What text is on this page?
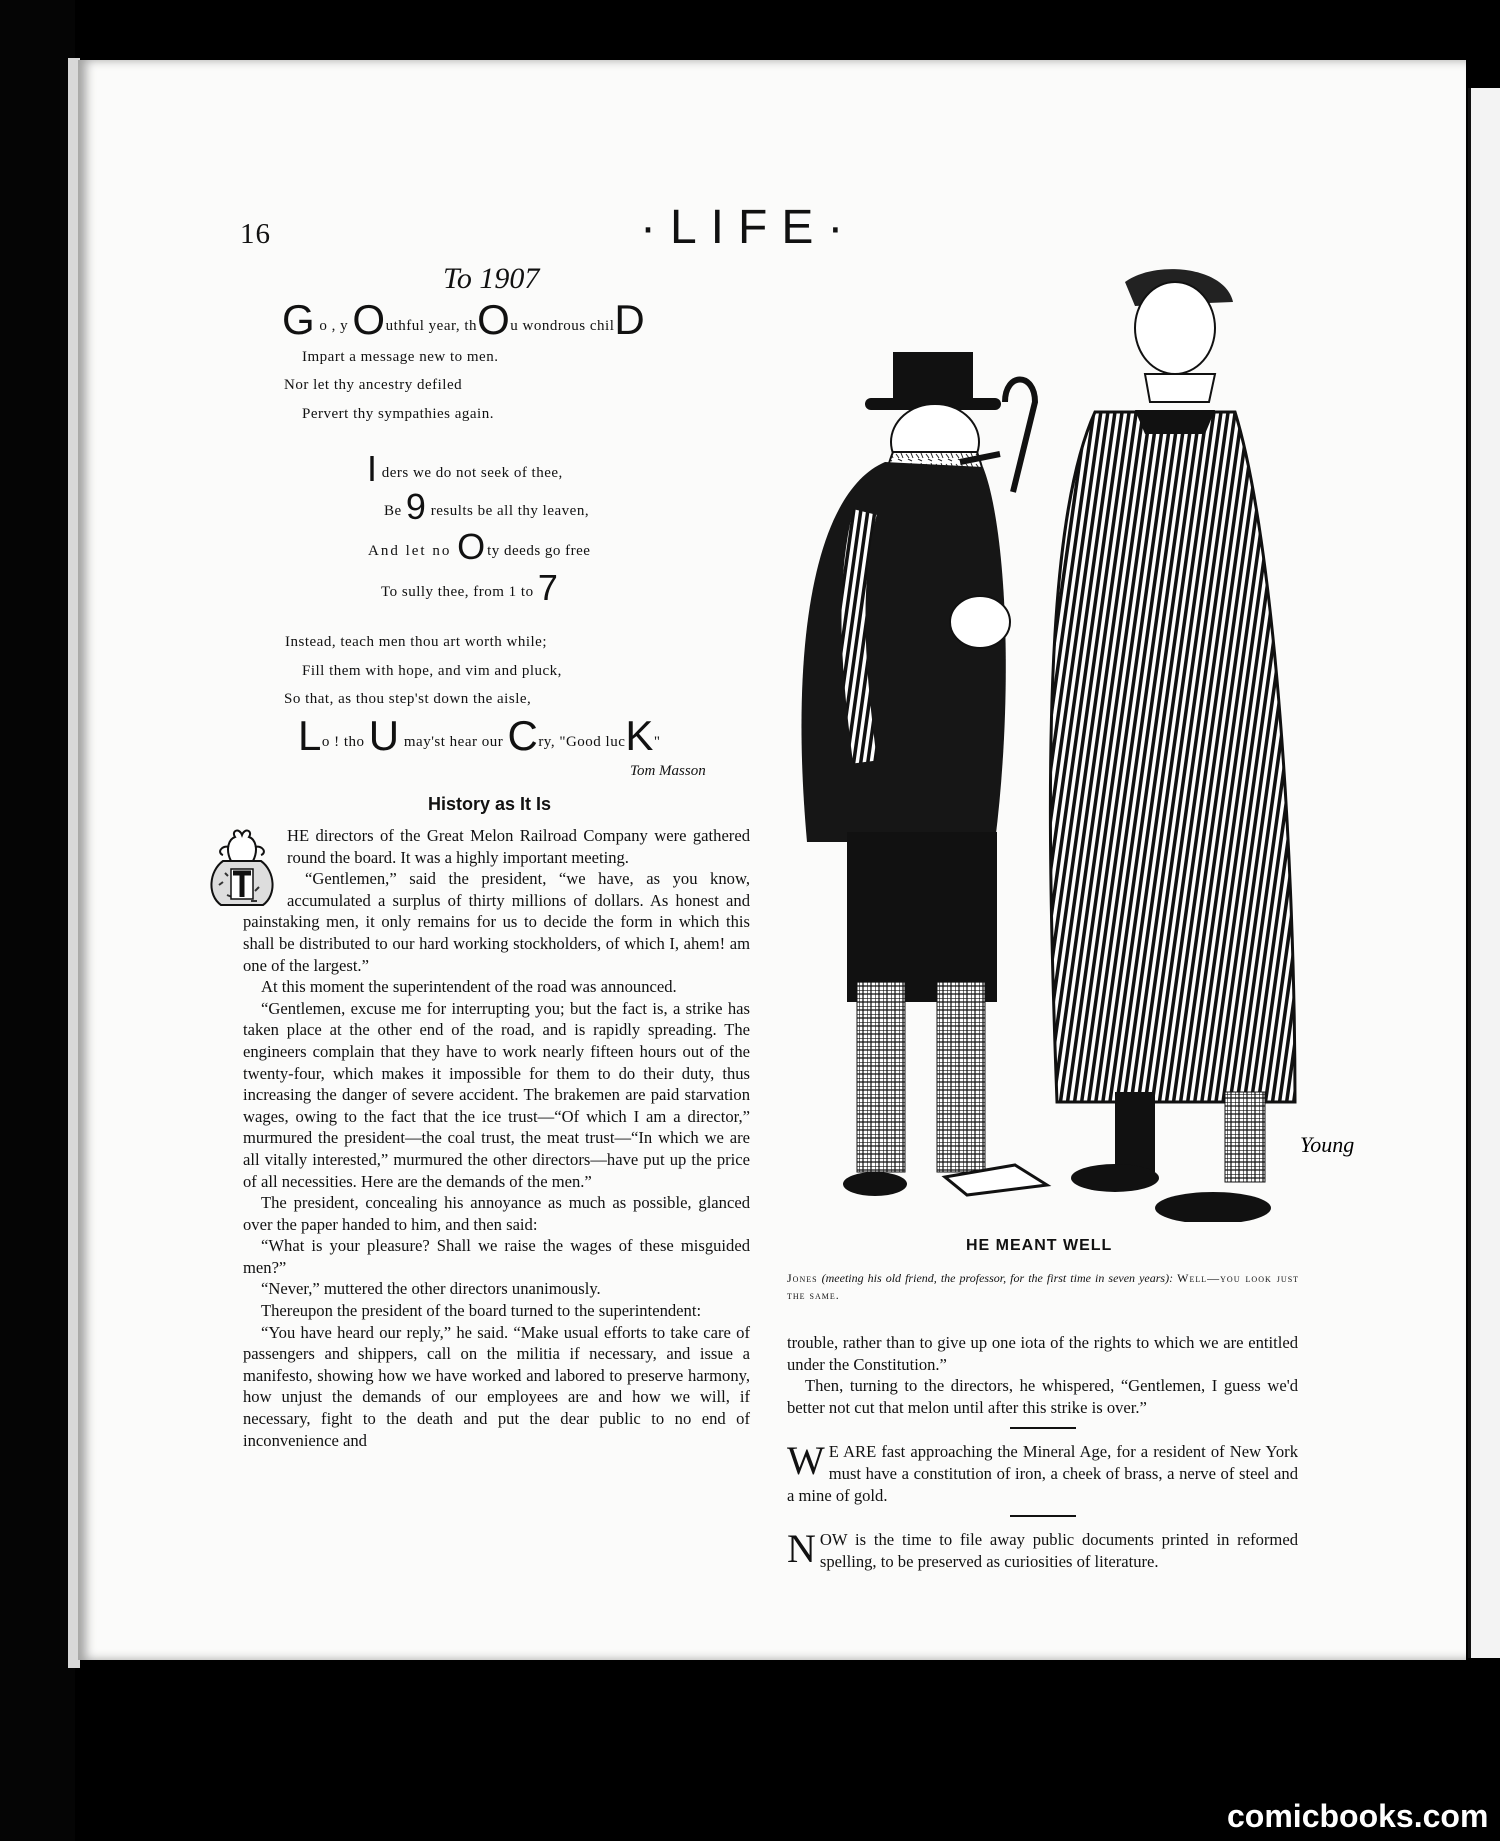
16	·LIFE·
To 1907
G o , y Outhful year, thOu wondrous chilD
Impart a message new to men.
Nor let thy ancestry defiled
Pervert thy sympathies again.
I ders we do not seek of thee,
Be 9 results be all thy leaven,
And let no Oty deeds go free
To sully thee, from 1 to 7
Instead, teach men thou art worth while;
Fill them with hope, and vim and pluck,
So that, as thou step'st down the aisle,
Lo ! tho U may'st hear our Cry, "Good lucK"
Tom Masson
History as It Is

HE directors of the Great Melon Railroad Company were gathered round the board. It was a highly important meeting.

“Gentlemen,” said the president, “we have, as you know, accumulated a surplus of thirty millions of dollars. As honest and painstaking men, it only remains for us to decide the form in which this shall be distributed to our hard working stockholders, of which I, ahem! am one of the largest.”

At this moment the superintendent of the road was announced.

“Gentlemen, excuse me for interrupting you; but the fact is, a strike has taken place at the other end of the road, and is rapidly spreading. The engineers complain that they have to work nearly fifteen hours out of the twenty-four, which makes it impossible for them to do their duty, thus increasing the danger of severe accident. The brakemen are paid starvation wages, owing to the fact that the ice trust—“Of which I am a director,” murmured the president—the coal trust, the meat trust—“In which we are all vitally interested,” murmured the other directors—have put up the price of all necessities. Here are the demands of the men.”

The president, concealing his annoyance as much as possible, glanced over the paper handed to him, and then said:

“What is your pleasure? Shall we raise the wages of these misguided men?”

“Never,” muttered the other directors unanimously.

Thereupon the president of the board turned to the superintendent:

“You have heard our reply,” he said. “Make usual efforts to take care of passengers and shippers, call on the militia if necessary, and issue a manifesto, showing how we have worked and labored to preserve harmony, how unjust the demands of our employees are and how we will, if necessary, fight to the death and put the dear public to no end of inconvenience and

Young
HE MEANT WELL
Jones (meeting his old friend, the professor, for the first time in seven years): Well—you look just the same.

trouble, rather than to give up one iota of the rights to which we are entitled under the Constitution.”

Then, turning to the directors, he whispered, “Gentlemen, I guess we'd better not cut that melon until after this strike is over.”

W E ARE fast approaching the Mineral Age, for a resident of New York must have a constitution of iron, a cheek of brass, a nerve of steel and a mine of gold.

NOW is the time to file away public documents printed in reformed spelling, to be preserved as curiosities of literature.

comicbooks.com
